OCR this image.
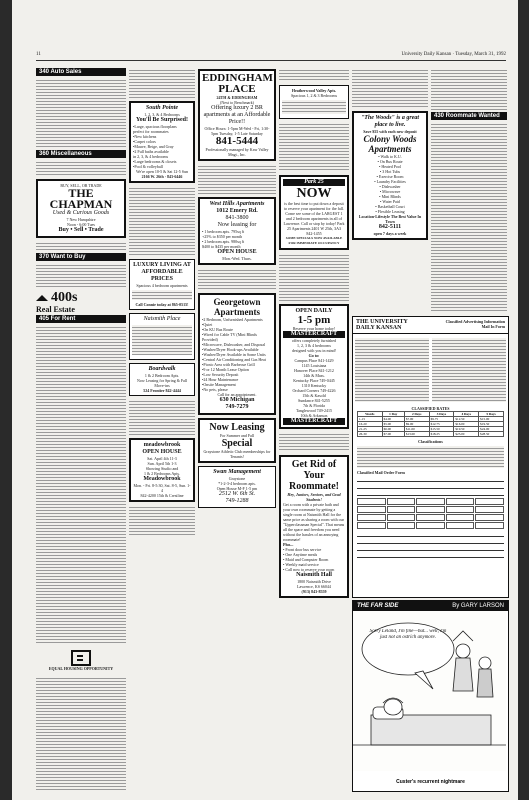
11	University Daily Kansan · Tuesday, March 31, 1992
340 Auto Sales
360 Miscellaneous
BUY, SELL, OR TRADE
THE CHAPMAN
Used & Curious Goods
7 New Hampshire
Noon - 6:00 Tues
Buy • Sell • Trade
370 Want to Buy
400s
Real Estate
405 For Rent
EQUAL HOUSING OPPORTUNITY
South Pointe
1, 2, 3, & 4 Bedrooms
You'll Be Surprised!
•Large, spacious floorplans
perfect for roommates
•New kitchens
•Carpet colors
•Mauve, Beige, and Gray
•2 Full baths available
in 2, 3, & 4 bedrooms
•Large bedrooms & closets
•Pool & volleyball
We're open 10-5 & Sat 12-5 Sun
2166 W. 26th · 843-6446
LUXURY LIVING AT AFFORDABLE PRICES
Spacious 4 bedroom apartments
Call Connie today at 865-0515!
Naismith Place
Boardwalk
1 & 2 Bedroom Apts.
Now Leasing for Spring & Fall Move-ins
524 Frontier 842-4444
meadowbrook
OPEN HOUSE
Sat. April 4th 11-3
Sun. April 5th 1-3
Showing Studio and
1 & 2 Bedrooms Apts.
Meadowbrook
Mon. - Fri. 8-5:30, Sat. 8-5, Sun. 1-4
842-4200 15th & Crestline
EDDINGHAM PLACE
24TH & EDDINGHAM
(Next to Benchmark)
Offering luxury 2 BR apartments at an Affordable Price!!
Office Hours: 1-5pm M-Wed - Fri, 1:30-5pm Tuesday, 1-5 Late Saturday
841-5444
Professionally managed by Kaw Valley Mngt., Inc.
West Hills Apartments
1012 Emery Rd.
841-3800
Now leasing for
• 1 bedroom apts. 795sq ft
+25% to $350 per month
• 2 bedroom apts. 980sq ft
$400 to $435 per month
OPEN HOUSE
Mon.-Wed. Thurs.
Georgetown Apartments
•2 Bedroom, Unfurnished Apartments
•Quiet
•On KU Bus Route
•Wired for Cable TV (Mini Blinds Provided)
•Microwave, Dishwasher, and Disposal
•Washer/Dryer Hook-ups Available
•Washer/Dryer Available in Some Units
•Central Air Conditioning and Gas Heat
•Picnic Area with Barbecue Grill
•9 or 12 Month Lease Option
•Low Security Deposit
•24 Hour Maintenance
•Onsite Management
•No pets, please
Call for an appointment.
630 Michigan
749-7279
Now Leasing
For Summer and Fall
Special
Graystone Athletic Club memberships for Tenants!
Swan Management
Graystone
*1-2-3-4 bedroom apts.
Open House M-F 1-5 pm
2512 W. 6th St.
749-1288
Heatherwood Valley Apts.
Spacious 1, 2 & 3 Bedrooms
Park 25
NOW
is the best time to put down a deposit to reserve your apartment for the fall. Come see some of the LARGEST 1 and 2 bedroom apartments in all of Lawrence. Call or stop by today! Park 25 Apartments 2401 W 25th, 3A3 842-1455
SOME SPECIALS NOW AVAILABLE FOR IMMEDIATE OCCUPANCY
OPEN DAILY
1-5 pm
Reserve your home today!
MASTERCRAFT
offers completely furnished
1, 2, 3 & 4 bedrooms
designed with you in mind!
Go to:
Campus Place 841-1429
1145 Louisiana
Hanover Place 841-1212
14th & Mass.
Kentucky Place 749-0445
1310 Kentucky
Orchard Corners 749-4226
15th & Kasold
Sundance 841-5255
7th & Florida
Tanglewood 749-2415
10th & Arkansas
MASTERCRAFT
Get Rid of Your Roommate!
Hey, Juniors, Seniors, and Grad Students!
Get a room with a private bath and your own roommate by getting a single room at Naismith Hall for the same price as sharing a room with our "Upperclassman Special". That means all the space and freedom you need without the hassles of an annoying roommate!
Plus...
• Front door bus service
• One Anytime meals
• Maid and Computer Room
• Weekly maid service
• Call now to reserve your room
Naismith Hall
1800 Naismith Drive
Lawrence, KS 66044
(913) 843-8559
"The Woods" is a great place to live.
Save $55 with each new deposit
Colony Woods Apartments
• Walk to K.U.
• On Bus Route
• Heated Pool
• 3 Hot Tubs
• Exercise Room
• Laundry Facilities
• Dishwasher
• Microwave
• Mini Blinds
• Water Paid
• Basketball Court
• Flexible Leasing
Location-Lifestyle The Best Value In Town
842-5111
open 7 days a week
430 Roommate Wanted
THE UNIVERSITY DAILY KANSAN
Classified Advertising Information
Mail In Form
CLASSIFIED RATES
Words	1 Day	2 Days	3 Days	4 Days	5 Days
1-15	$4.00	$7.00	$9.75	$12.50	$15.00
16-20	$5.00	$9.00	$12.75	$16.00	$19.50
21-25	$6.00	$11.00	$15.50	$19.50	$24.00
26-30	$7.00	$13.00	$18.25	$23.00	$28.50
Classifications
Classified Mail Order Form
THE FAR SIDE	By GARY LARSON
Sorry Leland, I'm fine—but... well, I'm just not an ostrich anymore.
Custer's recurrent nightmare
